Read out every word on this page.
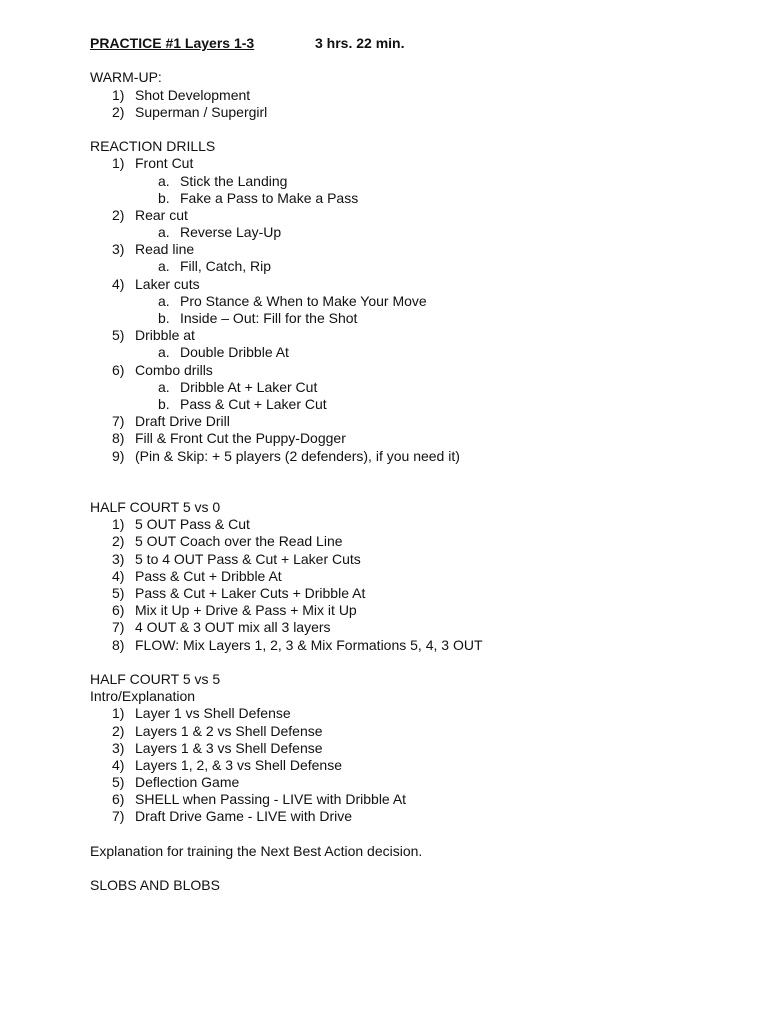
PRACTICE #1 Layers 1-3	3 hrs. 22 min.
WARM-UP:
1) Shot Development
2) Superman / Supergirl
REACTION DRILLS
1) Front Cut
a. Stick the Landing
b. Fake a Pass to Make a Pass
2) Rear cut
a. Reverse Lay-Up
3) Read line
a. Fill, Catch, Rip
4) Laker cuts
a. Pro Stance & When to Make Your Move
b. Inside – Out: Fill for the Shot
5) Dribble at
a. Double Dribble At
6) Combo drills
a. Dribble At + Laker Cut
b. Pass & Cut + Laker Cut
7) Draft Drive Drill
8) Fill & Front Cut the Puppy-Dogger
9) (Pin & Skip: + 5 players (2 defenders), if you need it)
HALF COURT 5 vs 0
1) 5 OUT Pass & Cut
2) 5 OUT Coach over the Read Line
3) 5 to 4 OUT Pass & Cut + Laker Cuts
4) Pass & Cut + Dribble At
5) Pass & Cut + Laker Cuts + Dribble At
6) Mix it Up + Drive & Pass + Mix it Up
7) 4 OUT & 3 OUT mix all 3 layers
8) FLOW: Mix Layers 1, 2, 3 & Mix Formations 5, 4, 3 OUT
HALF COURT 5 vs 5
Intro/Explanation
1) Layer 1 vs Shell Defense
2) Layers 1 & 2 vs Shell Defense
3) Layers 1 & 3 vs Shell Defense
4) Layers 1, 2, & 3 vs Shell Defense
5) Deflection Game
6) SHELL when Passing - LIVE with Dribble At
7) Draft Drive Game - LIVE with Drive
Explanation for training the Next Best Action decision.
SLOBS AND BLOBS
